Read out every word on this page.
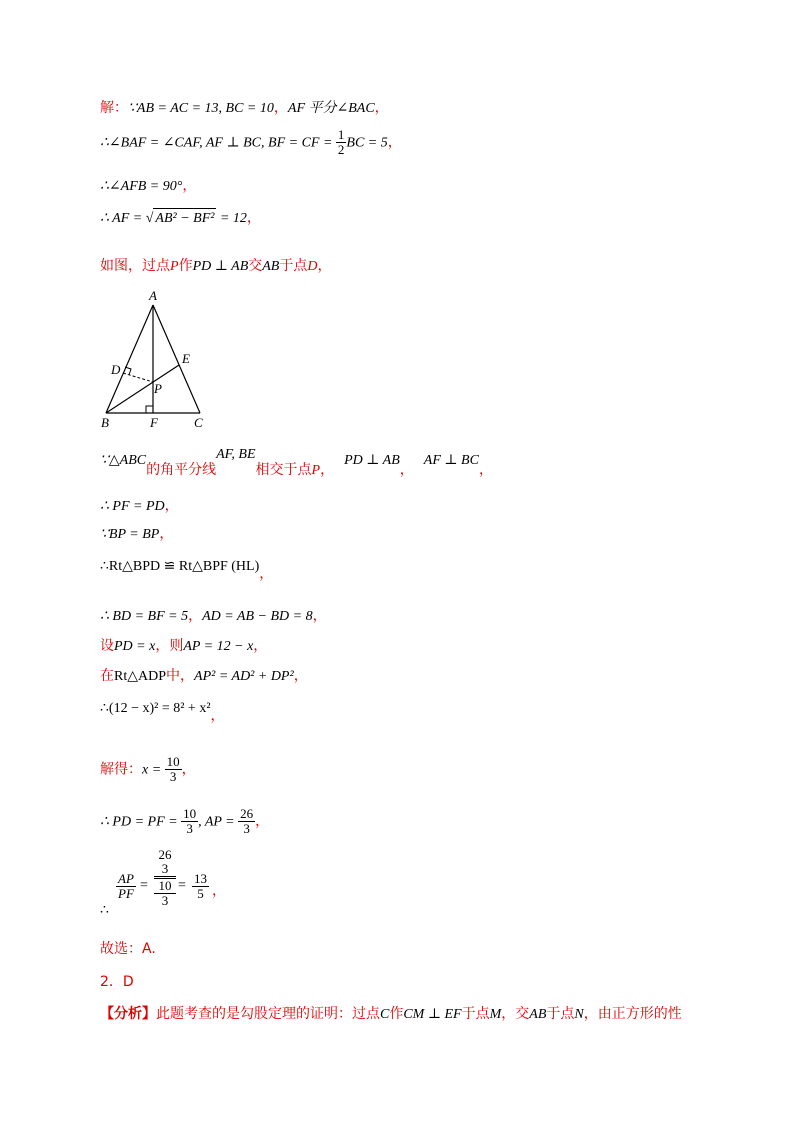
解：∵AB = AC = 13, BC = 10，AF 平分∠BAC，
∴∠BAF = ∠CAF, AF ⊥ BC, BF = CF = $\frac{1}{2}$ BC = 5，
∴∠AFB = 90°，
∴ AF = √ AB² − BF² = 12，
如图，过点P作PD ⊥ AB交AB于点D，
A
B	C
D
E
F
P
∵△ABC的角平分线AF, BE相交于点P，PD ⊥ AB，AF ⊥ BC，
∴ PF = PD，
∵BP = BP，
∴Rt△BPD ≌ Rt△BPF (HL)，
∴ BD = BF = 5，AD = AB − BD = 8，
设PD = x，则AP = 12 − x，
在Rt△ADP中，AP² = AD² + DP²，
∴(12 − x)² = 8² + x²，
解得：$x = \frac{10}{3}$ ，
∴ PD = PF = $\frac{10}{3}$ , AP = $\frac{26}{3}$ ，
∴
$\frac{AP}{PF}$ =
26
3
10
3
= $\frac{13}{5}$ ，
故选：A.
2．D
【分析】此题考查的是勾股定理的证明：过点C作CM ⊥ EF于点M，交AB于点N，由正方形的性
